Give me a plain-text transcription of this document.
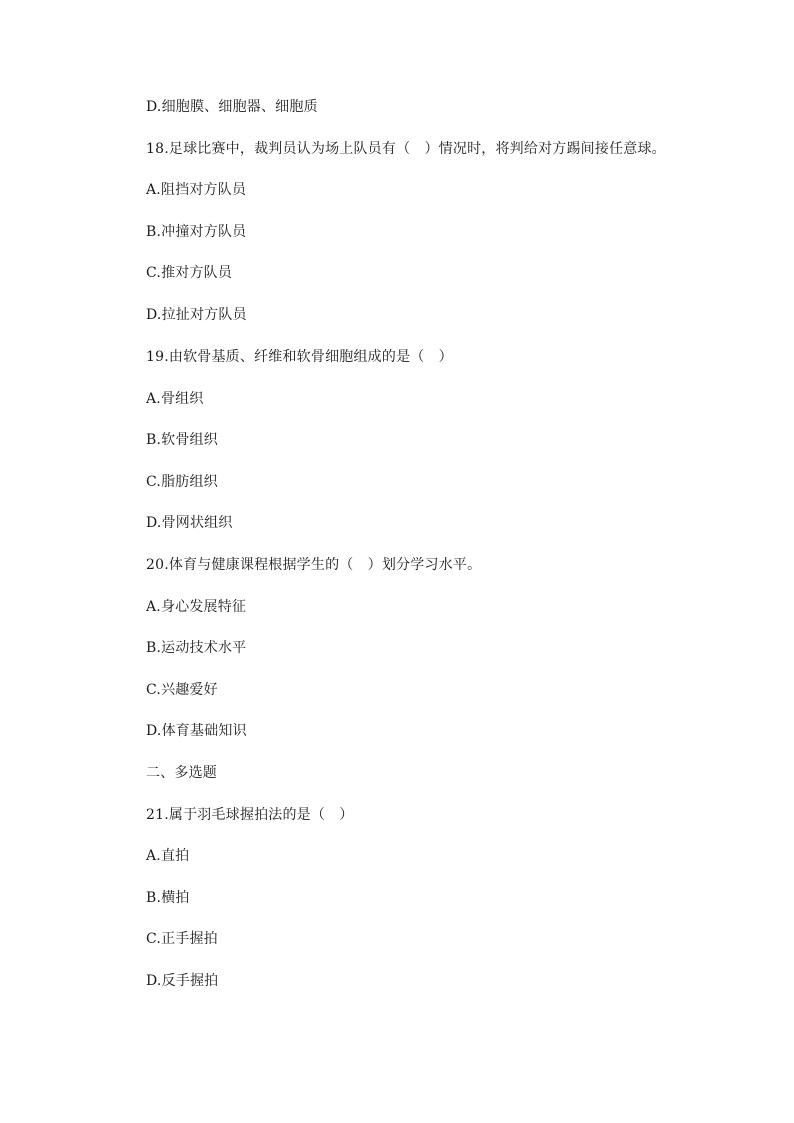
D.细胞膜、细胞器、细胞质
18.足球比赛中，裁判员认为场上队员有（　）情况时，将判给对方踢间接任意球。
A.阻挡对方队员
B.冲撞对方队员
C.推对方队员
D.拉扯对方队员
19.由软骨基质、纤维和软骨细胞组成的是（　）
A.骨组织
B.软骨组织
C.脂肪组织
D.骨网状组织
20.体育与健康课程根据学生的（　）划分学习水平。
A.身心发展特征
B.运动技术水平
C.兴趣爱好
D.体育基础知识
二、多选题
21.属于羽毛球握拍法的是（　）
A.直拍
B.横拍
C.正手握拍
D.反手握拍
